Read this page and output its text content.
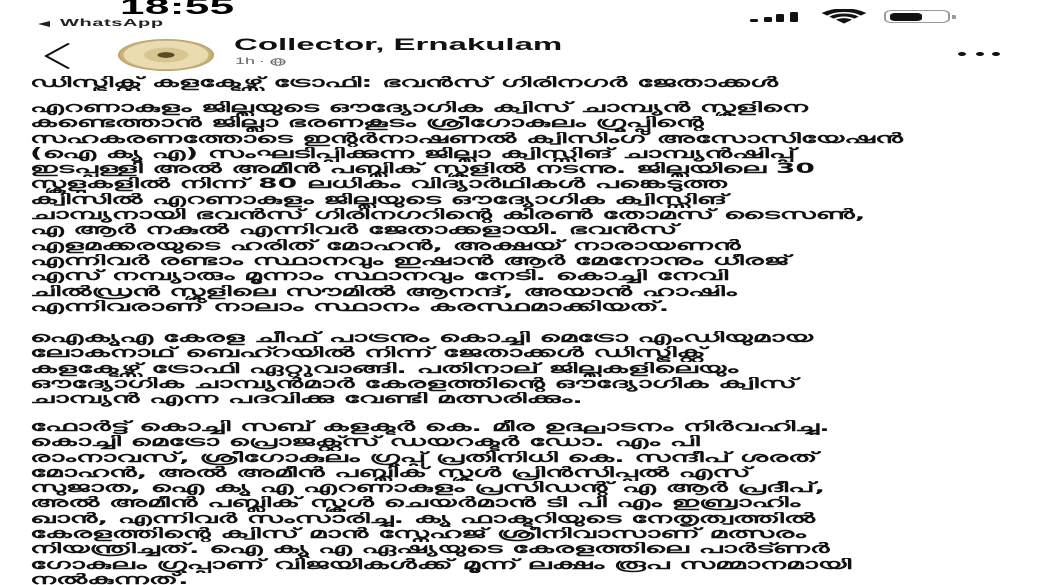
18:55
WhatsApp
Collector, Ernakulam
1h ·
ഡിസ്ട്രിക്റ്റ് കളക്ടേഴ്സ് ട്രോഫി: ഭവൻസ് ഗിരിനഗർ ജേതാക്കൾ
എറണാകുളം ജില്ലയുടെ ഔദ്യോഗിക ക്വിസ് ചാമ്പ്യൻ സ്കൂളിനെ
കണ്ടെത്താൻ ജില്ലാ ഭരണകൂടം ശ്രീഗോകുലം ഗ്രൂപ്പിന്റെ
സഹകരണത്തോടെ ഇന്റർനാഷണൽ ക്വിസിംഗ് അസോസിയേഷൻ
(ഐ ക്യു എ) സംഘടിപ്പിക്കുന്ന ജില്ലാ ക്വിസ്സിങ് ചാമ്പ്യൻഷിപ്പ്
ഇടപ്പള്ളി അൽ അമീൻ പബ്ലിക് സ്കൂളിൽ നടന്നു. ജില്ലയിലെ 30
സ്കൂളുകളിൽ നിന്ന് 80 ലധികം വിദ്യാർഥികൾ പങ്കെടുത്ത
ക്വിസിൽ എറണാകുളം ജില്ലയുടെ ഔദ്യോഗിക ക്വിസ്സിങ്
ചാമ്പ്യനായി ഭവൻസ് ഗിരിനഗറിന്റെ കിരൺ തോമസ് ടൈസൺ,
എ ആർ നകുൽ എന്നിവർ ജേതാക്കളായി. ഭവൻസ്
എളമക്കരയുടെ ഹരിത് മോഹൻ, അക്ഷയ് നാരായണൻ
എന്നിവർ രണ്ടാം സ്ഥാനവും ഇഷാൻ ആർ മേനോനും ധീരജ്
എസ് നമ്പ്യാരും മൂന്നാം സ്ഥാനവും നേടി. കൊച്ചി നേവി
ചിൽഡ്രൻ സ്കൂളിലെ സൗമിൽ ആനന്ദ്, അയാൻ ഹാഷിം
എന്നിവരാണ് നാലാം സ്ഥാനം കരസ്ഥമാക്കിയത്.
ഐക്യുഎ കേരള ചീഫ് പാട്രനും കൊച്ചി മെട്രോ എംഡിയുമായ
ലോകനാഥ് ബെഹ്റയിൽ നിന്ന് ജേതാക്കൾ ഡിസ്ട്രിക്റ്റ്
കളക്ടേഴ്സ് ട്രോഫി ഏറ്റുവാങ്ങി. പതിനാല് ജില്ലകളിലെയും
ഔദ്യോഗിക ചാമ്പ്യൻമാർ കേരളത്തിന്റെ ഔദ്യോഗിക ക്വിസ്
ചാമ്പ്യൻ എന്ന പദവിക്കു വേണ്ടി മത്സരിക്കും.
ഫോർട്ട് കൊച്ചി സബ് കളക്ടർ കെ. മീര ഉദ്ഘാടനം നിർവഹിച്ചു.
കൊച്ചി മെട്രോ പ്രൊജക്റ്റ്സ് ഡയറക്ടർ ഡോ. എം പി
രാംനാവസ്, ശ്രീഗോകുലം ഗ്രൂപ്പ് പ്രതിനിധി കെ. സന്ദീപ് ശരത്
മോഹൻ, അൽ അമീൻ പബ്ലിക് സ്കൂൾ പ്രിൻസിപ്പൽ എസ്
സുജാത, ഐ ക്യു എ എറണാകുളം പ്രസിഡന്റ് എ ആർ പ്രദീപ്,
അൽ അമീൻ പബ്ലിക് സ്കൂൾ ചെയർമാൻ ടി പി എം ഇബ്രാഹിം
ഖാൻ, എന്നിവർ സംസാരിച്ചു. ക്യു ഫാക്ടറിയുടെ നേതൃത്വത്തിൽ
കേരളത്തിന്റെ ക്വിസ് മാൻ സ്നേഹജ് ശ്രീനിവാസാണ് മത്സരം
നിയന്ത്രിച്ചത്. ഐ ക്യു എ ഏഷ്യയുടെ കേരളത്തിലെ പാർട്ണർ
ഗോകുലം ഗ്രൂപ്പാണ് വിജയികൾക്ക് മൂന്ന് ലക്ഷം രൂപ സമ്മാനമായി
നൽകുന്നത്.
